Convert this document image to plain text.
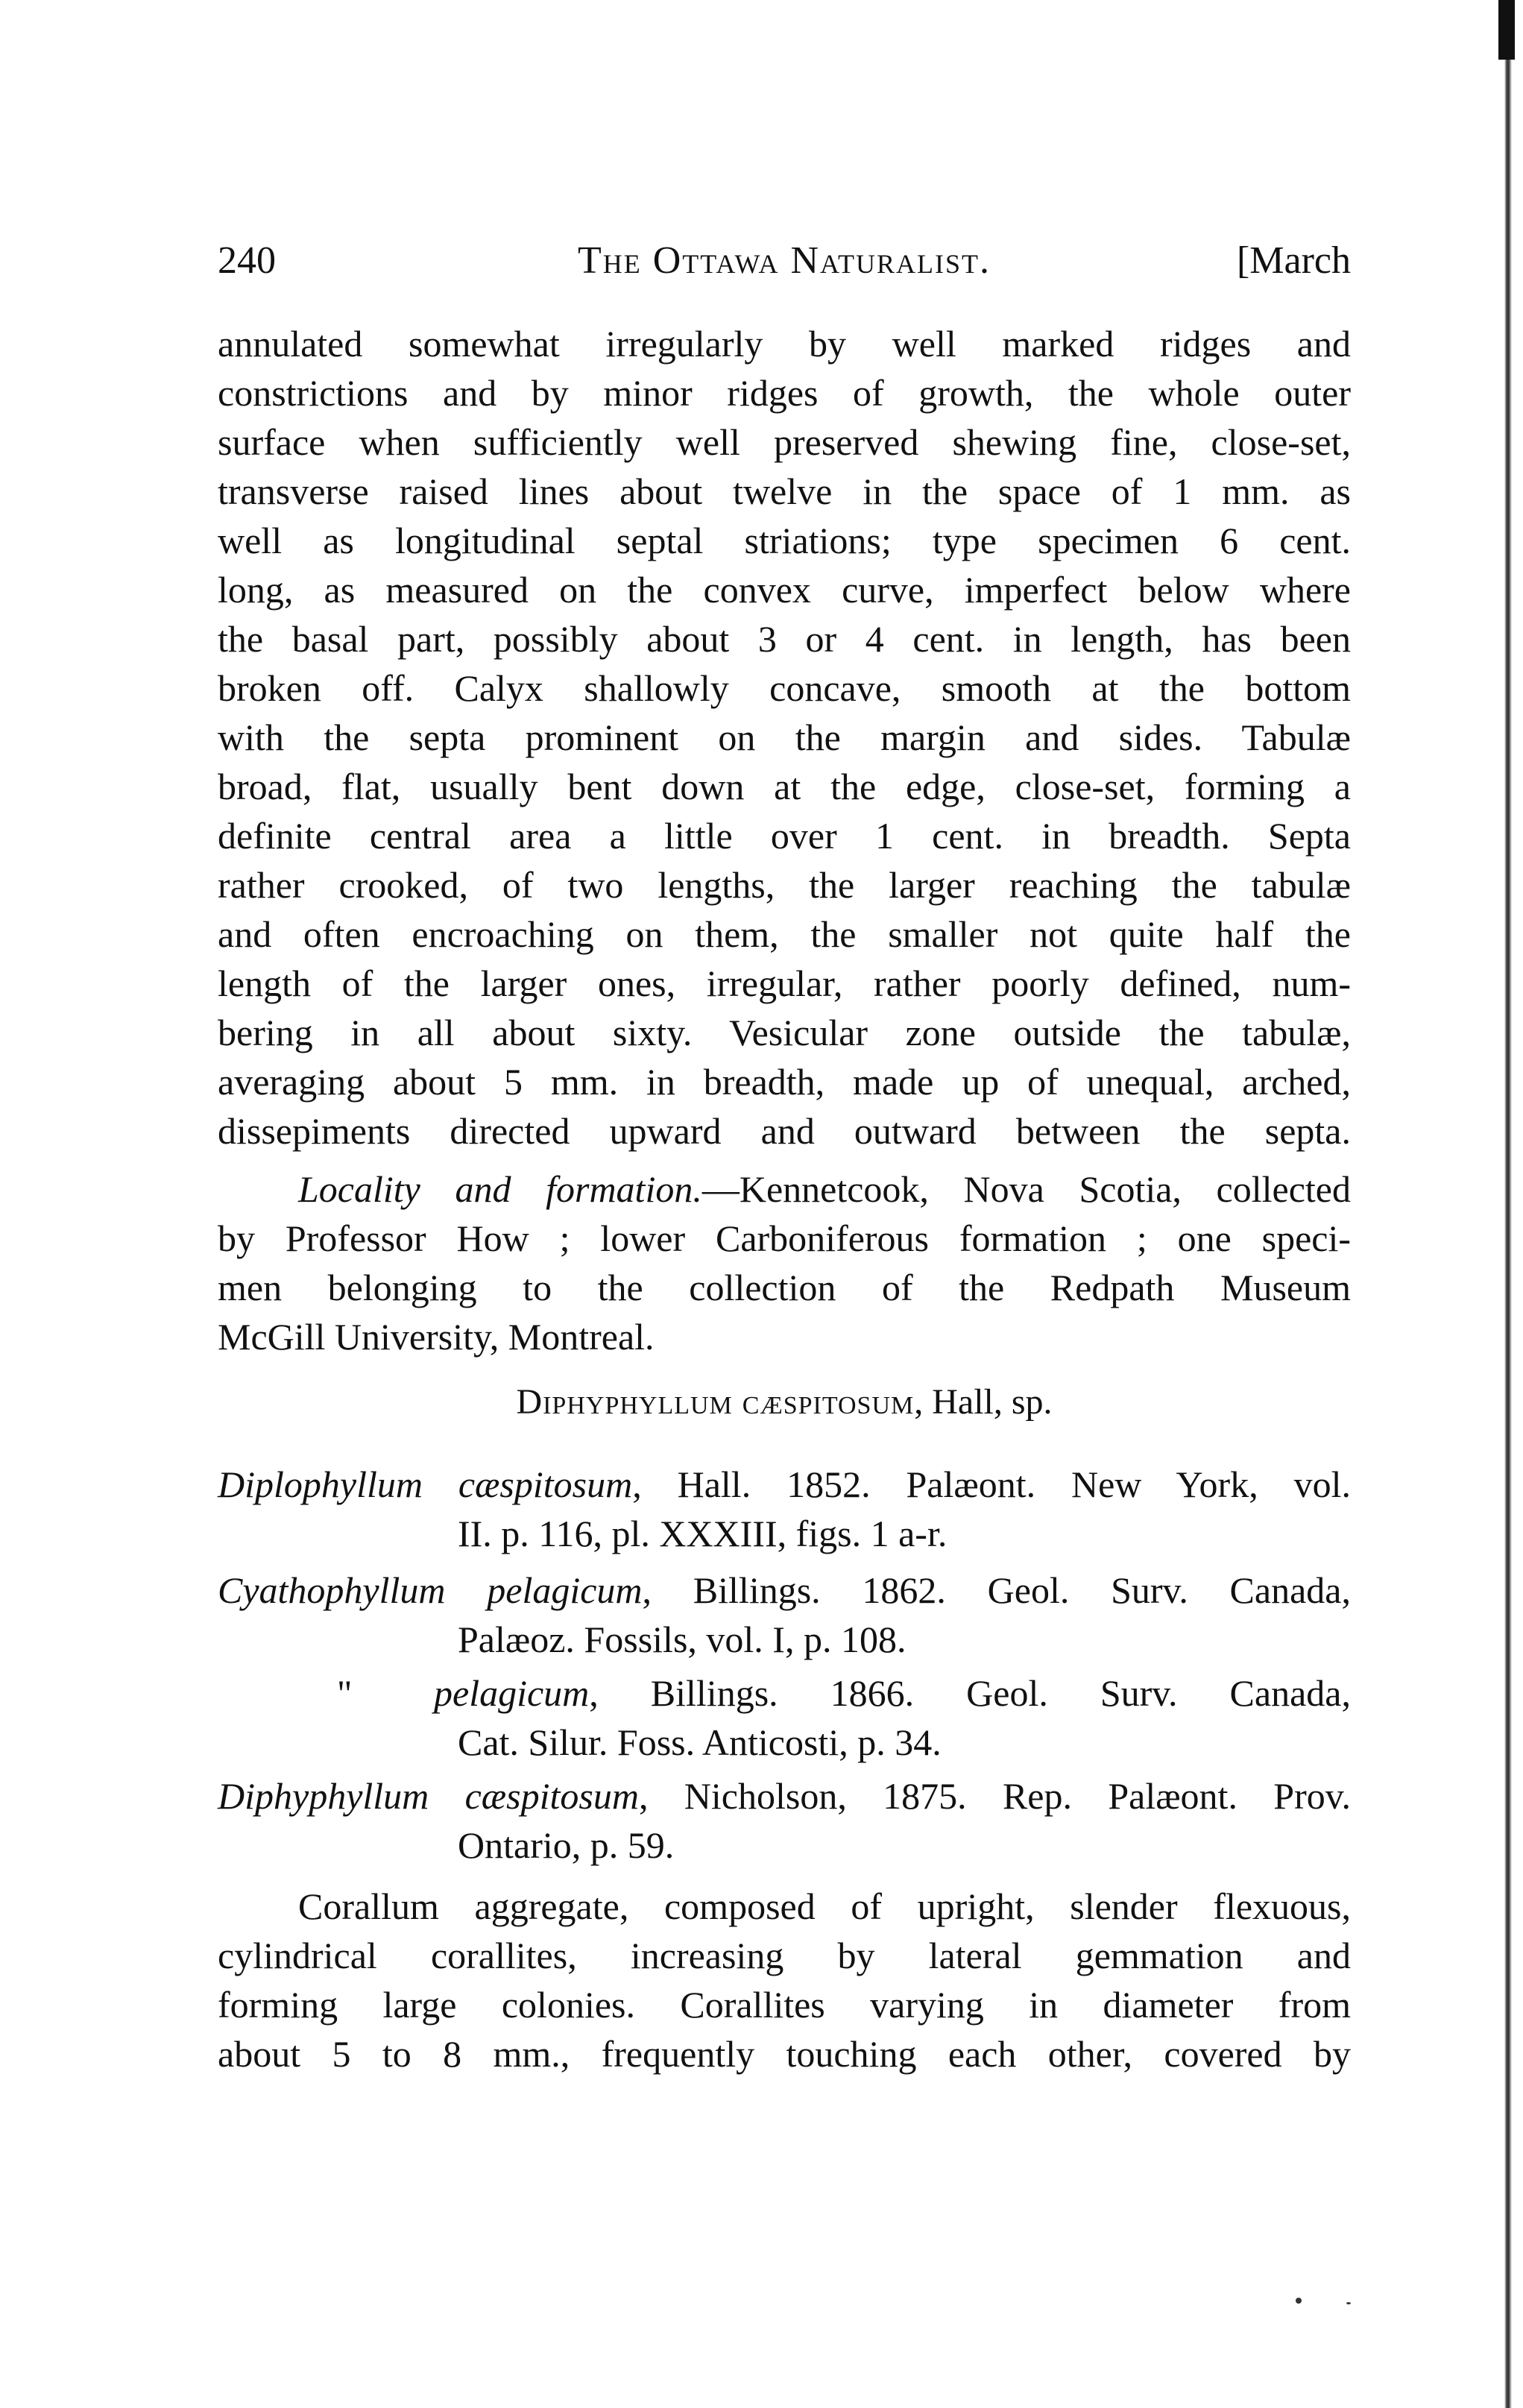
240	The Ottawa Naturalist.	[March
annulated somewhat irregularly by well marked ridges and
constrictions and by minor ridges of growth, the whole outer
surface when sufficiently well preserved shewing fine, close-set,
transverse raised lines about twelve in the space of 1 mm. as
well as longitudinal septal striations; type specimen 6 cent.
long, as measured on the convex curve, imperfect below where
the basal part, possibly about 3 or 4 cent. in length, has been
broken off. Calyx shallowly concave, smooth at the bottom
with the septa prominent on the margin and sides. Tabulæ
broad, flat, usually bent down at the edge, close-set, forming a
definite central area a little over 1 cent. in breadth. Septa
rather crooked, of two lengths, the larger reaching the tabulæ
and often encroaching on them, the smaller not quite half the
length of the larger ones, irregular, rather poorly defined, num-
bering in all about sixty. Vesicular zone outside the tabulæ,
averaging about 5 mm. in breadth, made up of unequal, arched,
dissepiments directed upward and outward between the septa.
Locality and formation.—Kennetcook, Nova Scotia, collected
by Professor How ; lower Carboniferous formation ; one speci-
men belonging to the collection of the Redpath Museum
McGill University, Montreal.
Diphyphyllum cæspitosum, Hall, sp.
Diplophyllum cæspitosum, Hall. 1852. Palæont. New York, vol.
II. p. 116, pl. XXXIII, figs. 1 a-r.
Cyathophyllum pelagicum, Billings. 1862. Geol. Surv. Canada,
Palæoz. Fossils, vol. I, p. 108.
" pelagicum, Billings. 1866. Geol. Surv. Canada,
Cat. Silur. Foss. Anticosti, p. 34.
Diphyphyllum cæspitosum, Nicholson, 1875. Rep. Palæont. Prov.
Ontario, p. 59.
Corallum aggregate, composed of upright, slender flexuous,
cylindrical corallites, increasing by lateral gemmation and
forming large colonies. Corallites varying in diameter from
about 5 to 8 mm., frequently touching each other, covered by
